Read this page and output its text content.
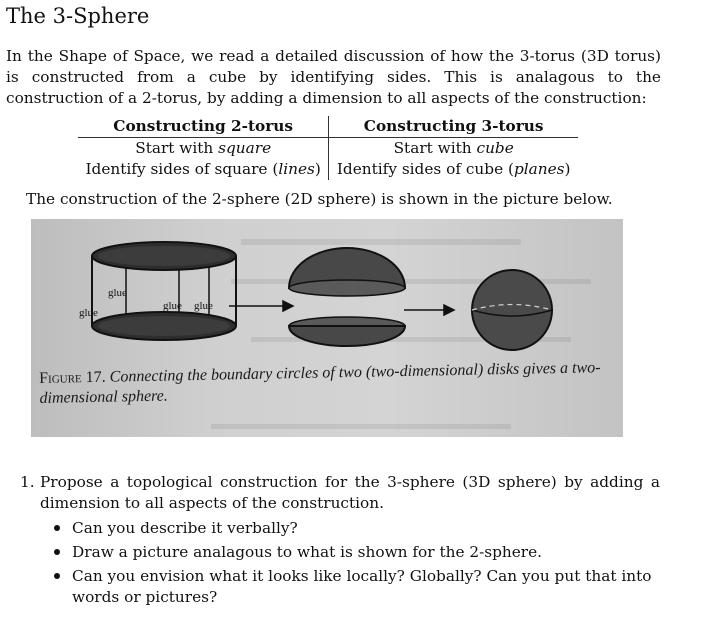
The 3-Sphere

In the Shape of Space, we read a detailed discussion of how the 3-torus (3D torus) is constructed from a cube by identifying sides. This is analagous to the construction of a 2-torus, by adding a dimension to all aspects of the construction:

Constructing 2-torus	Constructing 3-torus
Start with square	Start with cube
Identify sides of square (lines)	Identify sides of cube (planes)

The construction of the 2-sphere (2D sphere) is shown in the picture below.

glue
glue
glue glue

Figure 17. Connecting the boundary circles of two (two-dimensional) disks gives a two-dimensional sphere.

1. Propose a topological construction for the 3-sphere (3D sphere) by adding a dimension to all aspects of the construction.
Can you describe it verbally?
Draw a picture analagous to what is shown for the 2-sphere.
Can you envision what it looks like locally? Globally? Can you put that into words or pictures?
